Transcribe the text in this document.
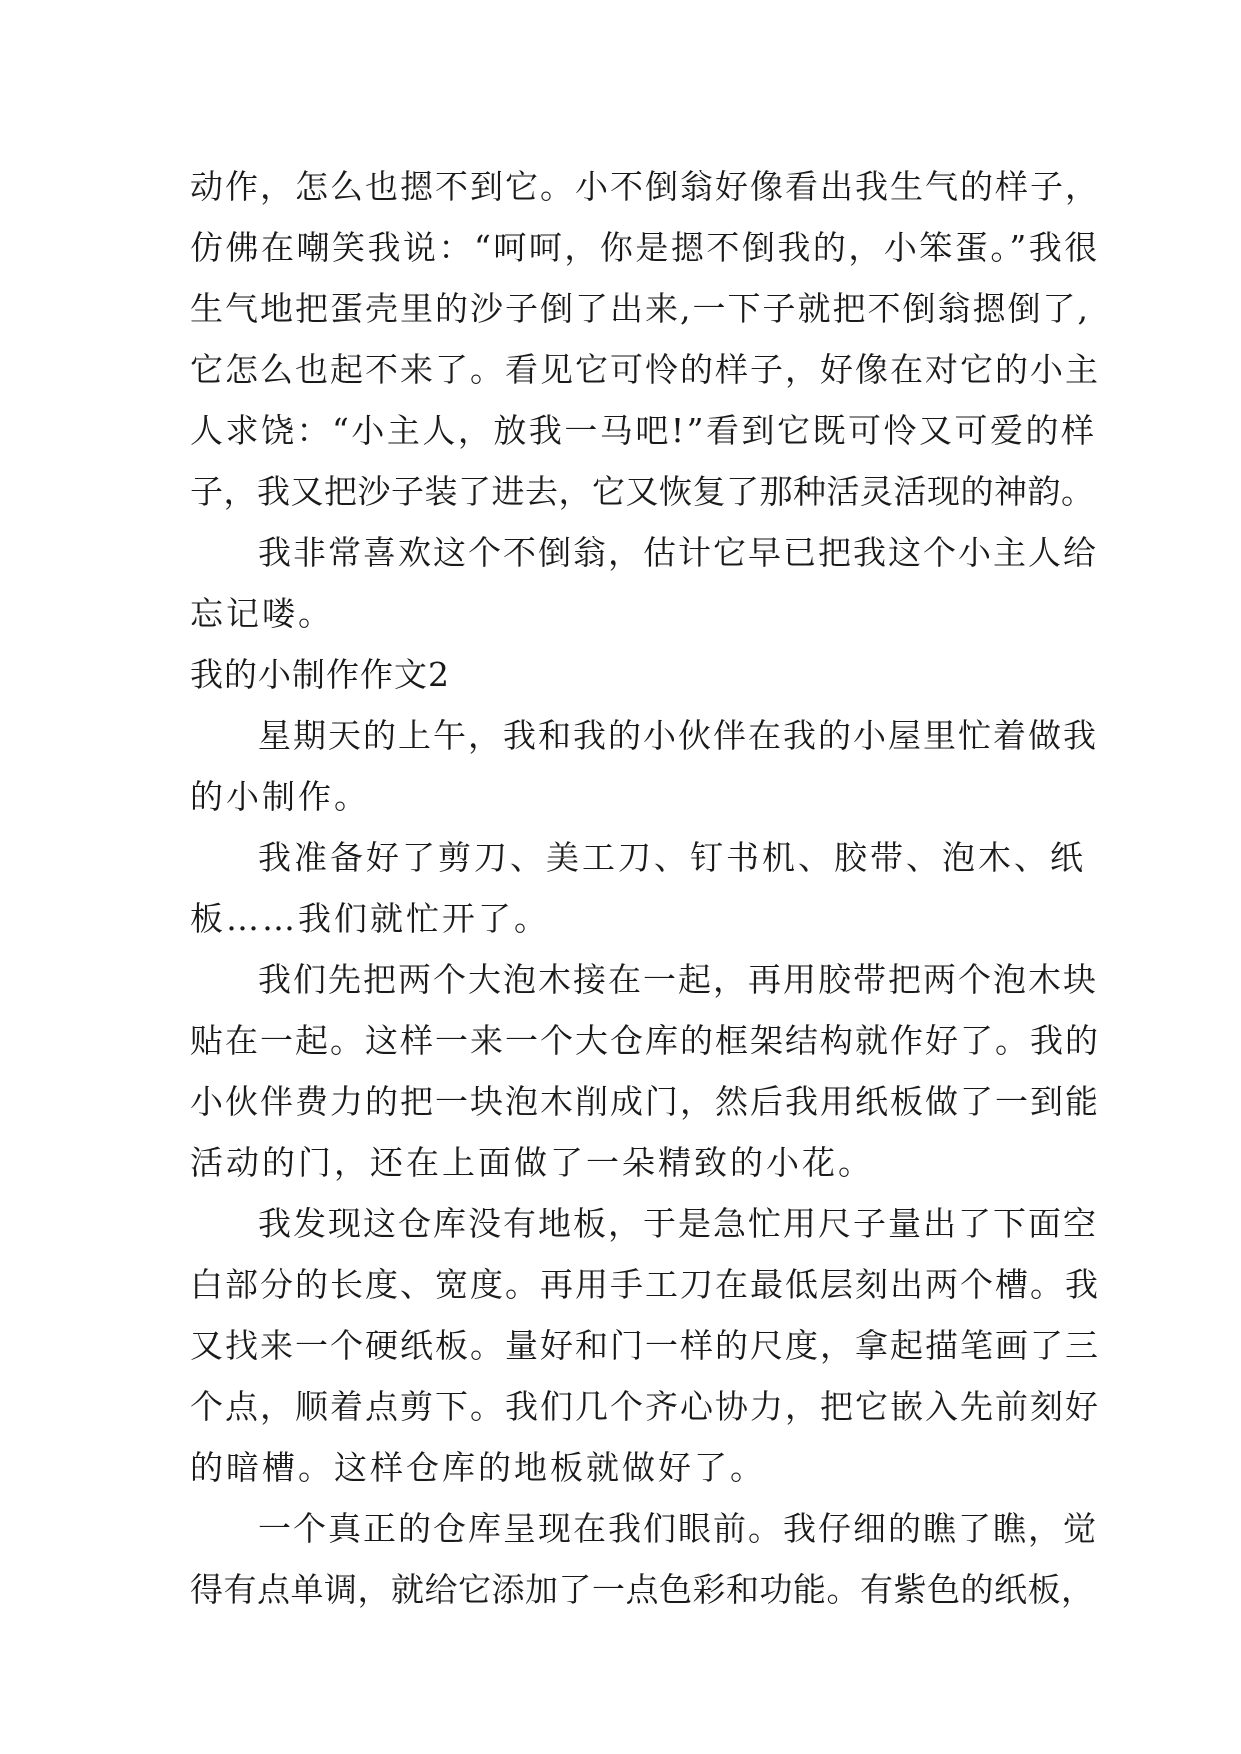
动作，怎么也摁不到它。小不倒翁好像看出我生气的样子，
仿佛在嘲笑我说：“呵呵，你是摁不倒我的，小笨蛋。”我很
生气地把蛋壳里的沙子倒了出来,一下子就把不倒翁摁倒了,
它怎么也起不来了。看见它可怜的样子，好像在对它的小主
人求饶：“小主人，放我一马吧!”看到它既可怜又可爱的样
子，我又把沙子装了进去，它又恢复了那种活灵活现的神韵。
我非常喜欢这个不倒翁，估计它早已把我这个小主人给
忘记喽。
我的小制作作文2
星期天的上午，我和我的小伙伴在我的小屋里忙着做我
的小制作。
我准备好了剪刀、美工刀、钉书机、胶带、泡木、纸
板……我们就忙开了。
我们先把两个大泡木接在一起，再用胶带把两个泡木块
贴在一起。这样一来一个大仓库的框架结构就作好了。我的
小伙伴费力的把一块泡木削成门，然后我用纸板做了一到能
活动的门，还在上面做了一朵精致的小花。
我发现这仓库没有地板，于是急忙用尺子量出了下面空
白部分的长度、宽度。再用手工刀在最低层刻出两个槽。我
又找来一个硬纸板。量好和门一样的尺度，拿起描笔画了三
个点，顺着点剪下。我们几个齐心协力，把它嵌入先前刻好
的暗槽。这样仓库的地板就做好了。
一个真正的仓库呈现在我们眼前。我仔细的瞧了瞧，觉
得有点单调，就给它添加了一点色彩和功能。有紫色的纸板，
